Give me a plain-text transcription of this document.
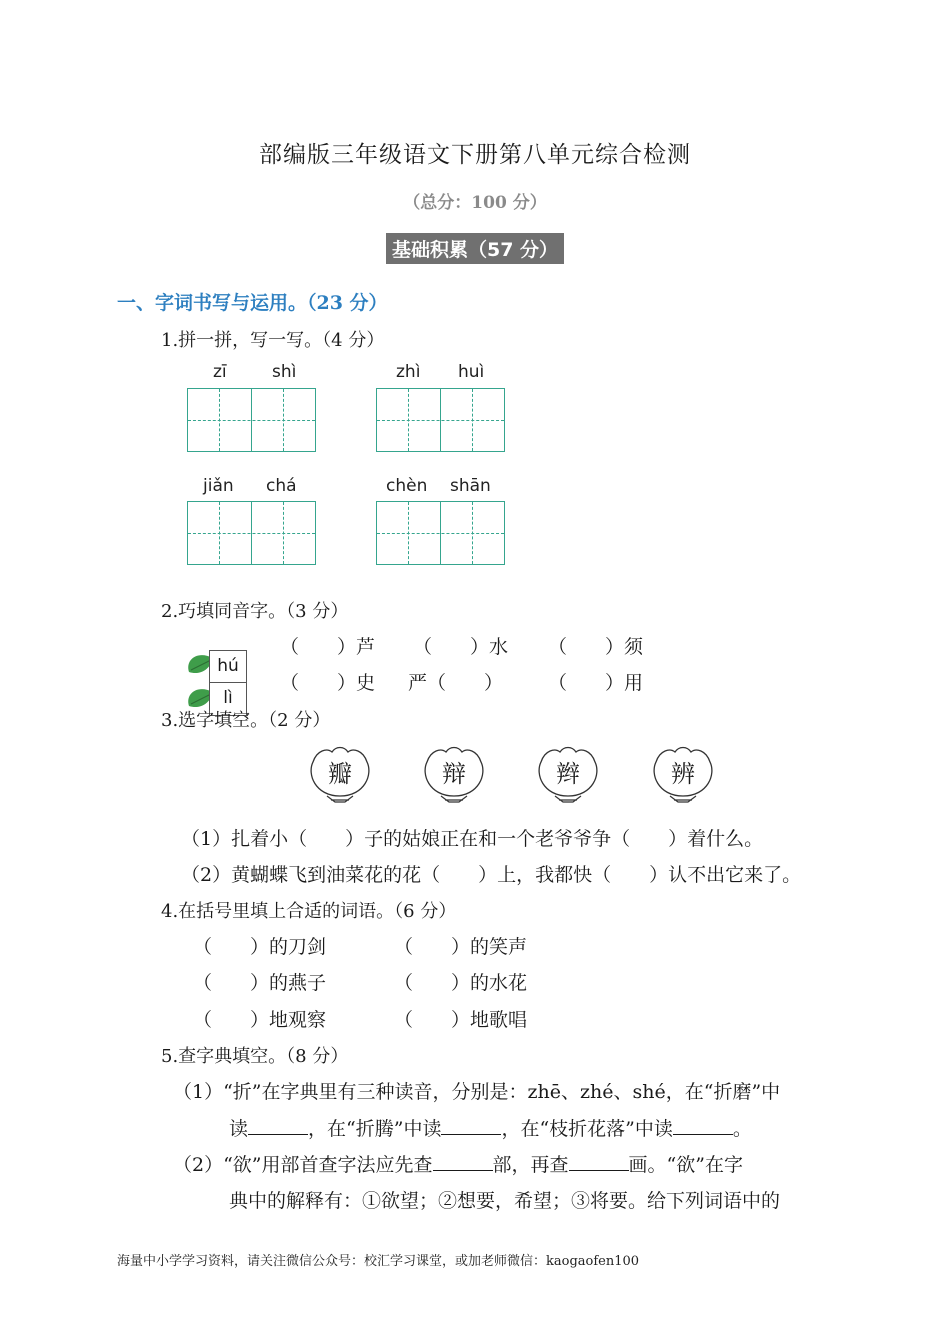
部编版三年级语文下册第八单元综合检测
（总分：100 分）
基础积累（57 分）
一、字词书写与运用。（23 分）
1.拼一拼，写一写。（4 分）
zī	shì	zhì huì
jiǎn chá	chèn shān
2.巧填同音字。（3 分）
hú
lì
（　　）芦 （　　）水 （　　）须
（　　）史 严（　　） （　　）用
3.选字填空。（2 分）
瓣	辩	辫	辨
（1）扎着小（　　）子的姑娘正在和一个老爷爷争（　　）着什么。
（2）黄蝴蝶飞到油菜花的花（　　）上，我都快（　　）认不出它来了。
4.在括号里填上合适的词语。（6 分）
（　　）的刀剑	（　　）的笑声
（　　）的燕子	（　　）的水花
（　　）地观察	（　　）地歌唱
5.查字典填空。（8 分）
（1）“折”在字典里有三种读音，分别是：zhē、zhé、shé，在“折磨”中
读	，在“折腾”中读	，在“枝折花落”中读	。
（2）“欲”用部首查字法应先查	部，再查	画。“欲”在字
典中的解释有：①欲望；②想要，希望；③将要。给下列词语中的
海量中小学学习资料，请关注微信公众号：校汇学习课堂，或加老师微信：kaogaofen100
